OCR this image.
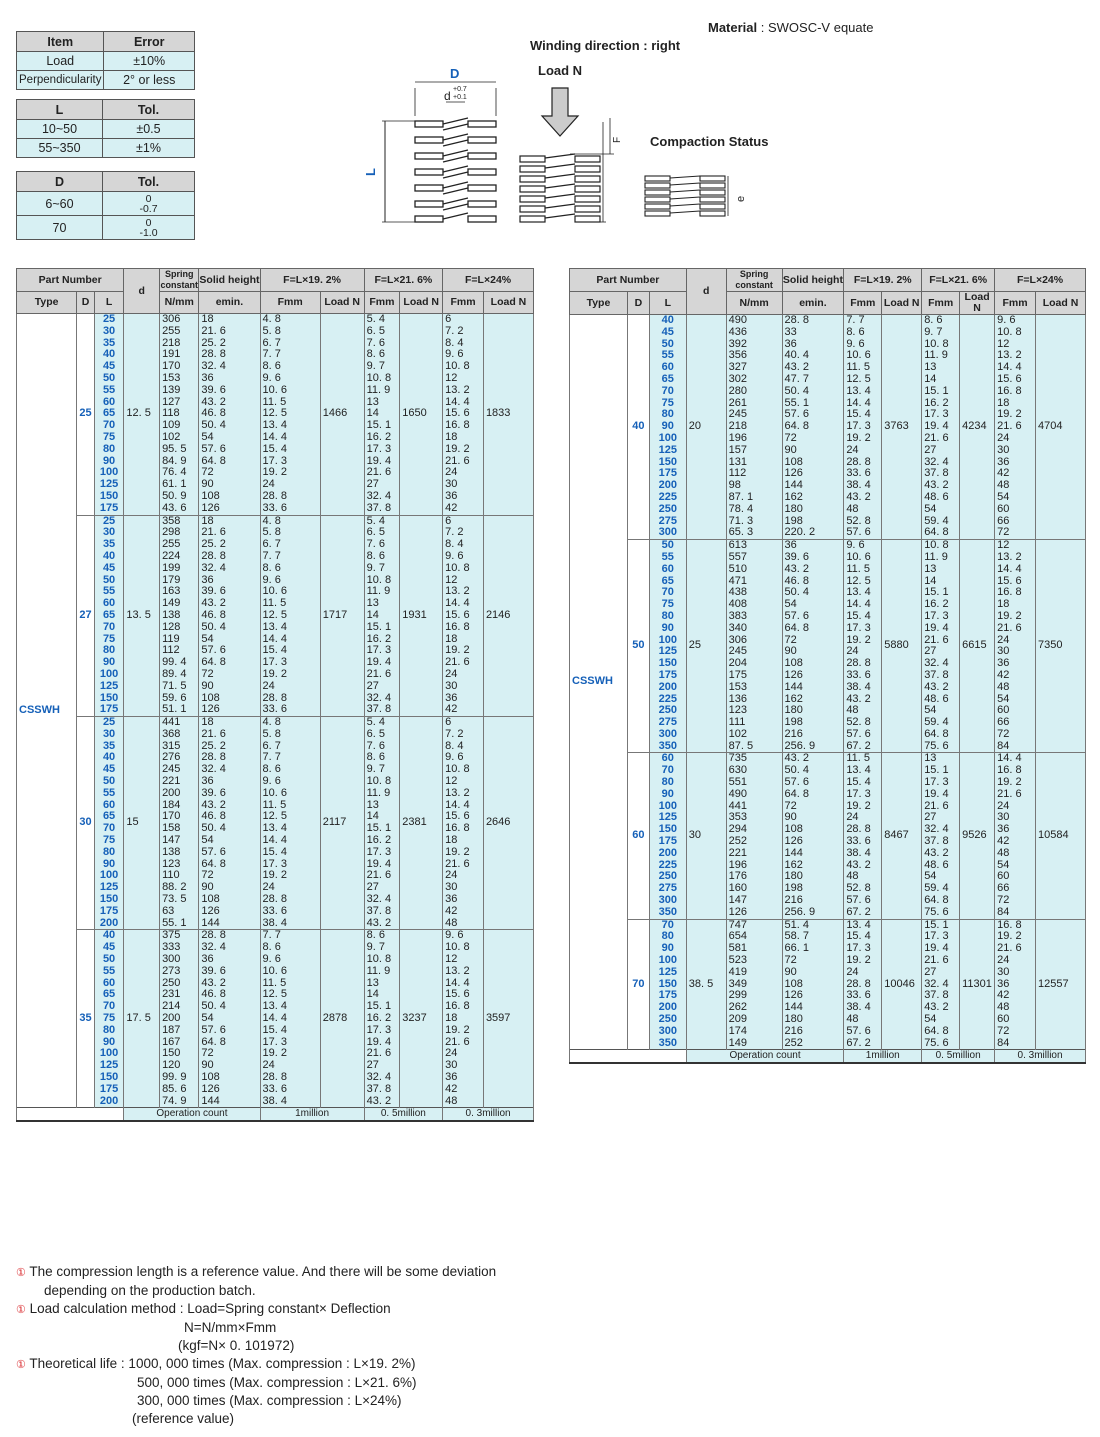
Material : SWOSC-V equate
Item	Error
Load	±10%
Perpendicularity	2° or less
L	Tol.
10~50	±0.5
55~350	±1%
D	Tol.
6~60	0
-0.7

70	0
-1.0
Winding direction : right
Load N
Compaction Status
D
d +0.7
+0.1
L
F
e
Part Number			d	Spring constant	Solid height	F=L×19. 2%		F=L×21. 6%		F=L×24%	
Type	D	L		N/mm	emin.	Fmm	Load N	Fmm	Load N	Fmm	Load N
CSSWH	25	25	12. 5	306	18	4. 8	1466	5. 4	1650	6	1833
		30		255	21. 6	5. 8		6. 5		7. 2	
		35		218	25. 2	6. 7		7. 6		8. 4	
		40		191	28. 8	7. 7		8. 6		9. 6	
		45		170	32. 4	8. 6		9. 7		10. 8	
		50		153	36	9. 6		10. 8		12	
		55		139	39. 6	10. 6		11. 9		13. 2	
		60		127	43. 2	11. 5		13		14. 4	
		65		118	46. 8	12. 5		14		15. 6	
		70		109	50. 4	13. 4		15. 1		16. 8	
		75		102	54	14. 4		16. 2		18	
		80		95. 5	57. 6	15. 4		17. 3		19. 2	
		90		84. 9	64. 8	17. 3		19. 4		21. 6	
		100		76. 4	72	19. 2		21. 6		24	
		125		61. 1	90	24		27		30	
		150		50. 9	108	28. 8		32. 4		36	
		175		43. 6	126	33. 6		37. 8		42	
	27	25	13. 5	358	18	4. 8	1717	5. 4	1931	6	2146
		30		298	21. 6	5. 8		6. 5		7. 2	
		35		255	25. 2	6. 7		7. 6		8. 4	
		40		224	28. 8	7. 7		8. 6		9. 6	
		45		199	32. 4	8. 6		9. 7		10. 8	
		50		179	36	9. 6		10. 8		12	
		55		163	39. 6	10. 6		11. 9		13. 2	
		60		149	43. 2	11. 5		13		14. 4	
		65		138	46. 8	12. 5		14		15. 6	
		70		128	50. 4	13. 4		15. 1		16. 8	
		75		119	54	14. 4		16. 2		18	
		80		112	57. 6	15. 4		17. 3		19. 2	
		90		99. 4	64. 8	17. 3		19. 4		21. 6	
		100		89. 4	72	19. 2		21. 6		24	
		125		71. 5	90	24		27		30	
		150		59. 6	108	28. 8		32. 4		36	
		175		51. 1	126	33. 6		37. 8		42	
	30	25	15	441	18	4. 8	2117	5. 4	2381	6	2646
		30		368	21. 6	5. 8		6. 5		7. 2	
		35		315	25. 2	6. 7		7. 6		8. 4	
		40		276	28. 8	7. 7		8. 6		9. 6	
		45		245	32. 4	8. 6		9. 7		10. 8	
		50		221	36	9. 6		10. 8		12	
		55		200	39. 6	10. 6		11. 9		13. 2	
		60		184	43. 2	11. 5		13		14. 4	
		65		170	46. 8	12. 5		14		15. 6	
		70		158	50. 4	13. 4		15. 1		16. 8	
		75		147	54	14. 4		16. 2		18	
		80		138	57. 6	15. 4		17. 3		19. 2	
		90		123	64. 8	17. 3		19. 4		21. 6	
		100		110	72	19. 2		21. 6		24	
		125		88. 2	90	24		27		30	
		150		73. 5	108	28. 8		32. 4		36	
		175		63	126	33. 6		37. 8		42	
		200		55. 1	144	38. 4		43. 2		48	
	35	40	17. 5	375	28. 8	7. 7	2878	8. 6	3237	9. 6	3597
		45		333	32. 4	8. 6		9. 7		10. 8	
		50		300	36	9. 6		10. 8		12	
		55		273	39. 6	10. 6		11. 9		13. 2	
		60		250	43. 2	11. 5		13		14. 4	
		65		231	46. 8	12. 5		14		15. 6	
		70		214	50. 4	13. 4		15. 1		16. 8	
		75		200	54	14. 4		16. 2		18	
		80		187	57. 6	15. 4		17. 3		19. 2	
		90		167	64. 8	17. 3		19. 4		21. 6	
		100		150	72	19. 2		21. 6		24	
		125		120	90	24		27		30	
		150		99. 9	108	28. 8		32. 4		36	
		175		85. 6	126	33. 6		37. 8		42	
		200		74. 9	144	38. 4		43. 2		48	
			Operation count			1million		0. 5million		0. 3million	
Part Number			d	Spring constant	Solid height	F=L×19. 2%		F=L×21. 6%		F=L×24%	
Type	D	L		N/mm	emin.	Fmm	Load N	Fmm	Load N	Fmm	Load N
CSSWH	40	40	20	490	28. 8	7. 7	3763	8. 6	4234	9. 6	4704
		45		436	33	8. 6		9. 7		10. 8	
		50		392	36	9. 6		10. 8		12	
		55		356	40. 4	10. 6		11. 9		13. 2	
		60		327	43. 2	11. 5		13		14. 4	
		65		302	47. 7	12. 5		14		15. 6	
		70		280	50. 4	13. 4		15. 1		16. 8	
		75		261	55. 1	14. 4		16. 2		18	
		80		245	57. 6	15. 4		17. 3		19. 2	
		90		218	64. 8	17. 3		19. 4		21. 6	
		100		196	72	19. 2		21. 6		24	
		125		157	90	24		27		30	
		150		131	108	28. 8		32. 4		36	
		175		112	126	33. 6		37. 8		42	
		200		98	144	38. 4		43. 2		48	
		225		87. 1	162	43. 2		48. 6		54	
		250		78. 4	180	48		54		60	
		275		71. 3	198	52. 8		59. 4		66	
		300		65. 3	220. 2	57. 6		64. 8		72	
	50	50	25	613	36	9. 6	5880	10. 8	6615	12	7350
		55		557	39. 6	10. 6		11. 9		13. 2	
		60		510	43. 2	11. 5		13		14. 4	
		65		471	46. 8	12. 5		14		15. 6	
		70		438	50. 4	13. 4		15. 1		16. 8	
		75		408	54	14. 4		16. 2		18	
		80		383	57. 6	15. 4		17. 3		19. 2	
		90		340	64. 8	17. 3		19. 4		21. 6	
		100		306	72	19. 2		21. 6		24	
		125		245	90	24		27		30	
		150		204	108	28. 8		32. 4		36	
		175		175	126	33. 6		37. 8		42	
		200		153	144	38. 4		43. 2		48	
		225		136	162	43. 2		48. 6		54	
		250		123	180	48		54		60	
		275		111	198	52. 8		59. 4		66	
		300		102	216	57. 6		64. 8		72	
		350		87. 5	256. 9	67. 2		75. 6		84	
	60	60	30	735	43. 2	11. 5	8467	13	9526	14. 4	10584
		70		630	50. 4	13. 4		15. 1		16. 8	
		80		551	57. 6	15. 4		17. 3		19. 2	
		90		490	64. 8	17. 3		19. 4		21. 6	
		100		441	72	19. 2		21. 6		24	
		125		353	90	24		27		30	
		150		294	108	28. 8		32. 4		36	
		175		252	126	33. 6		37. 8		42	
		200		221	144	38. 4		43. 2		48	
		225		196	162	43. 2		48. 6		54	
		250		176	180	48		54		60	
		275		160	198	52. 8		59. 4		66	
		300		147	216	57. 6		64. 8		72	
		350		126	256. 9	67. 2		75. 6		84	
	70	70	38. 5	747	51. 4	13. 4	10046	15. 1	11301	16. 8	12557
		80		654	58. 7	15. 4		17. 3		19. 2	
		90		581	66. 1	17. 3		19. 4		21. 6	
		100		523	72	19. 2		21. 6		24	
		125		419	90	24		27		30	
		150		349	108	28. 8		32. 4		36	
		175		299	126	33. 6		37. 8		42	
		200		262	144	38. 4		43. 2		48	
		250		209	180	48		54		60	
		300		174	216	57. 6		64. 8		72	
		350		149	252	67. 2		75. 6		84	
			Operation count			1million		0. 5million		0. 3million	
① The compression length is a reference value. And there will be some deviation
depending on the production batch.
① Load calculation method : Load=Spring constant× Deflection
N=N/mm×Fmm
(kgf=N× 0. 101972)
① Theoretical life : 1000, 000 times (Max. compression : L×19. 2%)
500, 000 times (Max. compression : L×21. 6%)
300, 000 times (Max. compression : L×24%)
(reference value)
